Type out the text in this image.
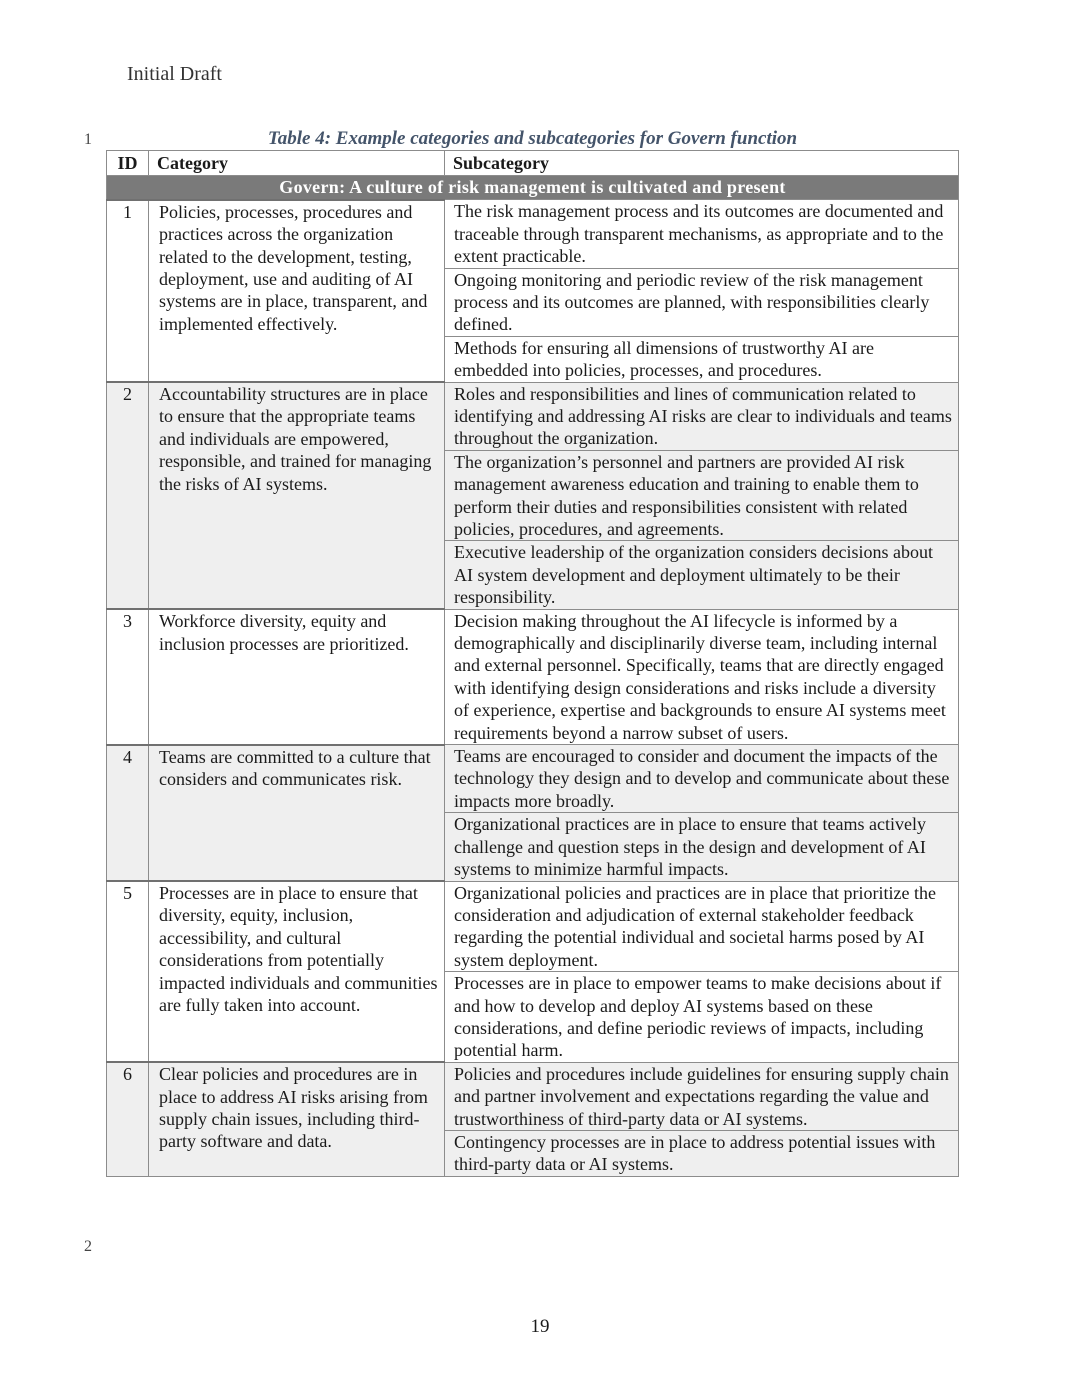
Initial Draft
1	Table 4: Example categories and subcategories for Govern function
ID	Category	Subcategory
Govern: A culture of risk management is cultivated and present		
1	Policies, processes, procedures and practices across the organization related to the development, testing, deployment, use and auditing of AI systems are in place, transparent, and implemented effectively.	The risk management process and its outcomes are documented and traceable through transparent mechanisms, as appropriate and to the extent practicable.
		Ongoing monitoring and periodic review of the risk management process and its outcomes are planned, with responsibilities clearly defined.
		Methods for ensuring all dimensions of trustworthy AI are embedded into policies, processes, and procedures.
2	Accountability structures are in place to ensure that the appropriate teams and individuals are empowered, responsible, and trained for managing the risks of AI systems.	Roles and responsibilities and lines of communication related to identifying and addressing AI risks are clear to individuals and teams throughout the organization.
		The organization’s personnel and partners are provided AI risk management awareness education and training to enable them to perform their duties and responsibilities consistent with related policies, procedures, and agreements.
		Executive leadership of the organization considers decisions about AI system development and deployment ultimately to be their responsibility.
3	Workforce diversity, equity and inclusion processes are prioritized.	Decision making throughout the AI lifecycle is informed by a demographically and disciplinarily diverse team, including internal and external personnel. Specifically, teams that are directly engaged with identifying design considerations and risks include a diversity of experience, expertise and backgrounds to ensure AI systems meet requirements beyond a narrow subset of users.
4	Teams are committed to a culture that considers and communicates risk.	Teams are encouraged to consider and document the impacts of the technology they design and to develop and communicate about these impacts more broadly.
		Organizational practices are in place to ensure that teams actively challenge and question steps in the design and development of AI systems to minimize harmful impacts.
5	Processes are in place to ensure that diversity, equity, inclusion, accessibility, and cultural considerations from potentially impacted individuals and communities are fully taken into account.	Organizational policies and practices are in place that prioritize the consideration and adjudication of external stakeholder feedback regarding the potential individual and societal harms posed by AI system deployment.
		Processes are in place to empower teams to make decisions about if and how to develop and deploy AI systems based on these considerations, and define periodic reviews of impacts, including potential harm.
6	Clear policies and procedures are in place to address AI risks arising from supply chain issues, including third-party software and data.	Policies and procedures include guidelines for ensuring supply chain and partner involvement and expectations regarding the value and trustworthiness of third-party data or AI systems.
		Contingency processes are in place to address potential issues with third-party data or AI systems.
2
19
